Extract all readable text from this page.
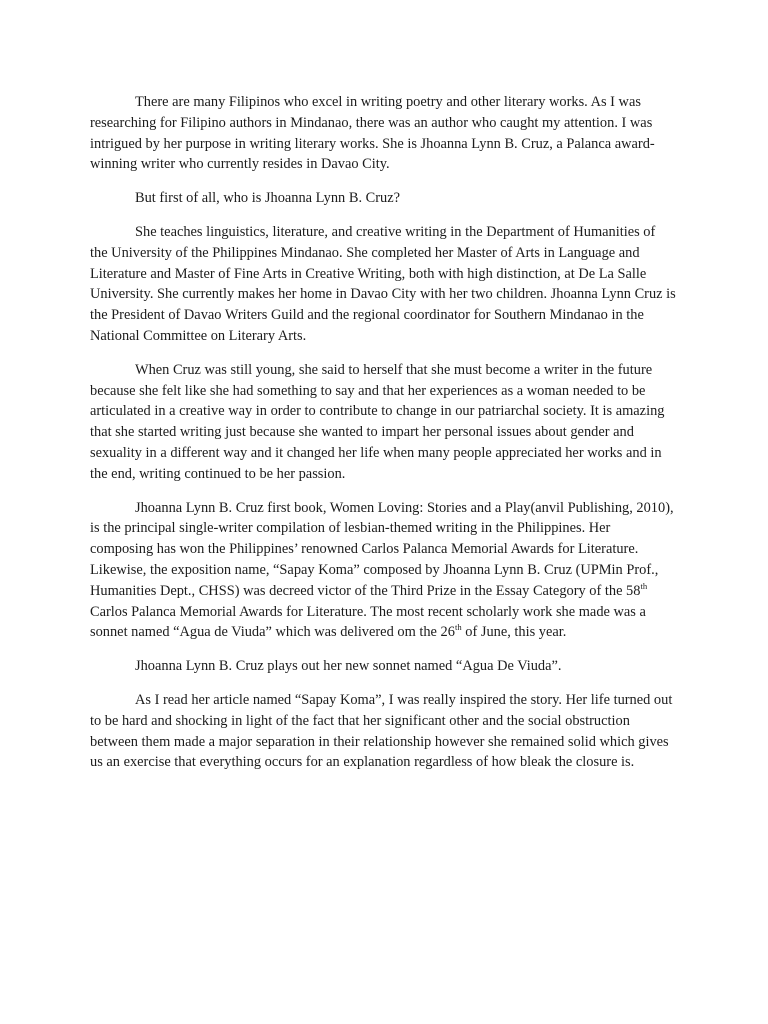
There are many Filipinos who excel in writing poetry and other literary works. As I was researching for Filipino authors in Mindanao, there was an author who caught my attention. I was intrigued by her purpose in writing literary works. She is Jhoanna Lynn B. Cruz, a Palanca award-winning writer who currently resides in Davao City.

But first of all, who is Jhoanna Lynn B. Cruz?

She teaches linguistics, literature, and creative writing in the Department of Humanities of the University of the Philippines Mindanao. She completed her Master of Arts in Language and Literature and Master of Fine Arts in Creative Writing, both with high distinction, at De La Salle University. She currently makes her home in Davao City with her two children. Jhoanna Lynn Cruz is the President of Davao Writers Guild and the regional coordinator for Southern Mindanao in the National Committee on Literary Arts.

When Cruz was still young, she said to herself that she must become a writer in the future because she felt like she had something to say and that her experiences as a woman needed to be articulated in a creative way in order to contribute to change in our patriarchal society. It is amazing that she started writing just because she wanted to impart her personal issues about gender and sexuality in a different way and it changed her life when many people appreciated her works and in the end, writing continued to be her passion.

Jhoanna Lynn B. Cruz first book, Women Loving: Stories and a Play(anvil Publishing, 2010), is the principal single-writer compilation of lesbian-themed writing in the Philippines. Her composing has won the Philippines’ renowned Carlos Palanca Memorial Awards for Literature. Likewise, the exposition name, “Sapay Koma” composed by Jhoanna Lynn B. Cruz (UPMin Prof., Humanities Dept., CHSS) was decreed victor of the Third Prize in the Essay Category of the 58th Carlos Palanca Memorial Awards for Literature. The most recent scholarly work she made was a sonnet named “Agua de Viuda” which was delivered om the 26th of June, this year.

Jhoanna Lynn B. Cruz plays out her new sonnet named “Agua De Viuda”.

As I read her article named “Sapay Koma”, I was really inspired the story. Her life turned out to be hard and shocking in light of the fact that her significant other and the social obstruction between them made a major separation in their relationship however she remained solid which gives us an exercise that everything occurs for an explanation regardless of how bleak the closure is.
